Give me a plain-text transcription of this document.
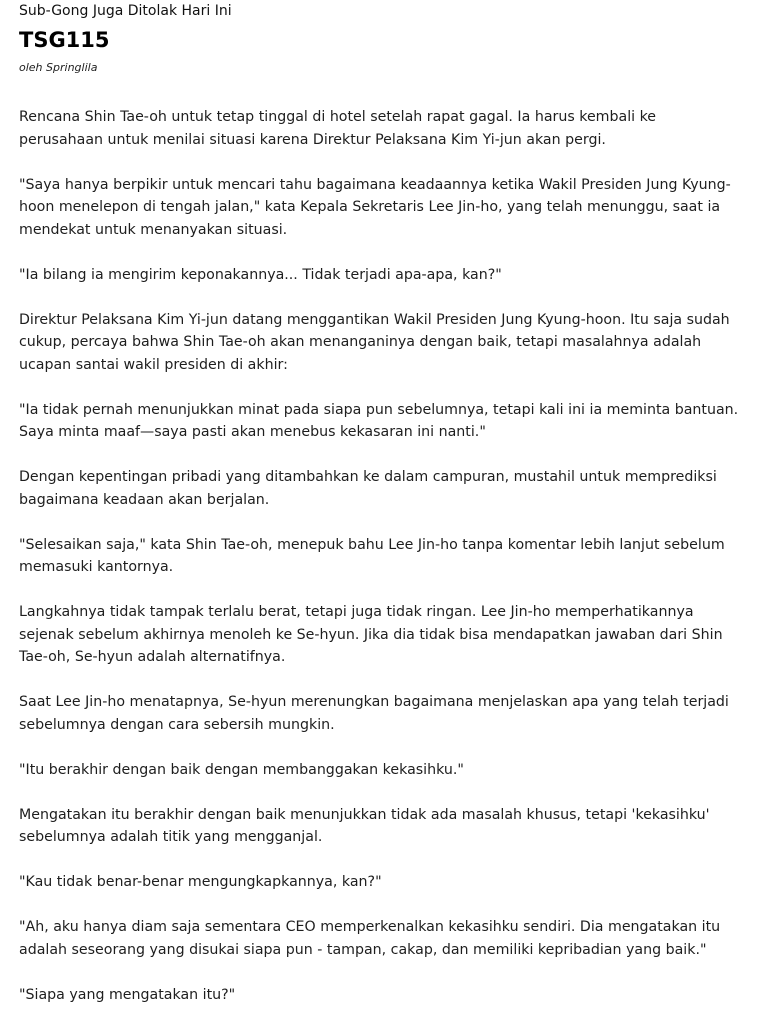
Sub-Gong Juga Ditolak Hari Ini
TSG115
oleh Springlila

Rencana Shin Tae-oh untuk tetap tinggal di hotel setelah rapat gagal. Ia harus kembali ke perusahaan untuk menilai situasi karena Direktur Pelaksana Kim Yi-jun akan pergi.

"Saya hanya berpikir untuk mencari tahu bagaimana keadaannya ketika Wakil Presiden Jung Kyung-hoon menelepon di tengah jalan," kata Kepala Sekretaris Lee Jin-ho, yang telah menunggu, saat ia mendekat untuk menanyakan situasi.

"Ia bilang ia mengirim keponakannya... Tidak terjadi apa-apa, kan?"

Direktur Pelaksana Kim Yi-jun datang menggantikan Wakil Presiden Jung Kyung-hoon. Itu saja sudah cukup, percaya bahwa Shin Tae-oh akan menanganinya dengan baik, tetapi masalahnya adalah ucapan santai wakil presiden di akhir:

"Ia tidak pernah menunjukkan minat pada siapa pun sebelumnya, tetapi kali ini ia meminta bantuan. Saya minta maaf—saya pasti akan menebus kekasaran ini nanti."

Dengan kepentingan pribadi yang ditambahkan ke dalam campuran, mustahil untuk memprediksi bagaimana keadaan akan berjalan.

"Selesaikan saja," kata Shin Tae-oh, menepuk bahu Lee Jin-ho tanpa komentar lebih lanjut sebelum memasuki kantornya.

Langkahnya tidak tampak terlalu berat, tetapi juga tidak ringan. Lee Jin-ho memperhatikannya sejenak sebelum akhirnya menoleh ke Se-hyun. Jika dia tidak bisa mendapatkan jawaban dari Shin Tae-oh, Se-hyun adalah alternatifnya.

Saat Lee Jin-ho menatapnya, Se-hyun merenungkan bagaimana menjelaskan apa yang telah terjadi sebelumnya dengan cara sebersih mungkin.

"Itu berakhir dengan baik dengan membanggakan kekasihku."

Mengatakan itu berakhir dengan baik menunjukkan tidak ada masalah khusus, tetapi 'kekasihku' sebelumnya adalah titik yang mengganjal.

"Kau tidak benar-benar mengungkapkannya, kan?"

"Ah, aku hanya diam saja sementara CEO memperkenalkan kekasihku sendiri. Dia mengatakan itu adalah seseorang yang disukai siapa pun - tampan, cakap, dan memiliki kepribadian yang baik."

"Siapa yang mengatakan itu?"
